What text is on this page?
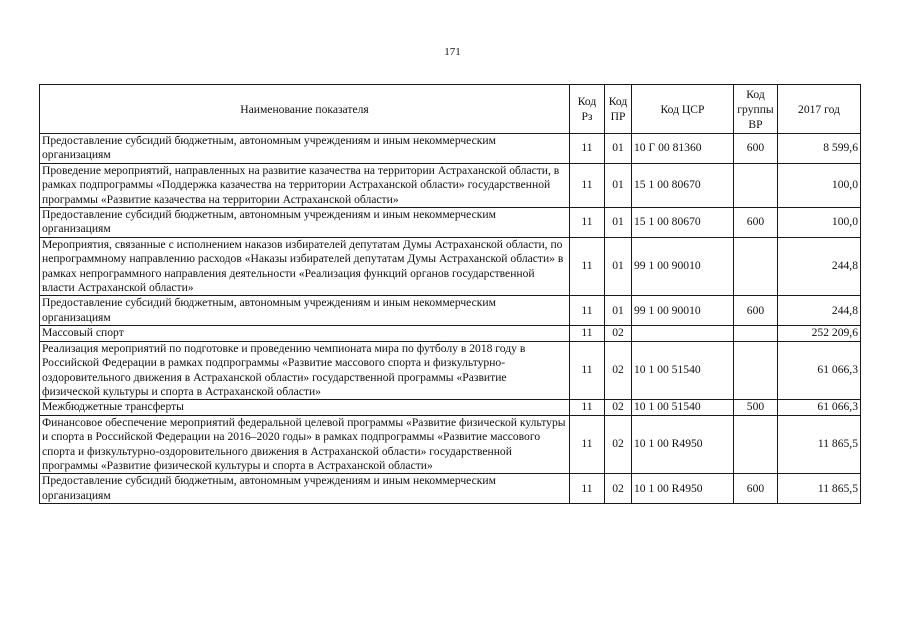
171
Наименование показателя	Код Рз	Код ПР	Код ЦСР	Код группы ВР	2017 год
Предоставление субсидий бюджетным, автономным учреждениям и иным некоммерческим организациям	11	01	10 Г 00 81360	600	8 599,6
Проведение мероприятий, направленных на развитие казачества на территории Астраханской области, в рамках подпрограммы «Поддержка казачества на территории Астраханской области» государственной программы «Развитие казачества на территории Астраханской области»	11	01	15 1 00 80670		100,0
Предоставление субсидий бюджетным, автономным учреждениям и иным некоммерческим организациям	11	01	15 1 00 80670	600	100,0
Мероприятия, связанные с исполнением наказов избирателей депутатам Думы Астраханской области, по непрограммному направлению расходов «Наказы избирателей депутатам Думы Астраханской области» в рамках непрограммного направления деятельности «Реализация функций органов государственной власти Астраханской области»	11	01	99 1 00 90010		244,8
Предоставление субсидий бюджетным, автономным учреждениям и иным некоммерческим организациям	11	01	99 1 00 90010	600	244,8
Массовый спорт	11	02			252 209,6
Реализация мероприятий по подготовке и проведению чемпионата мира по футболу в 2018 году в Российской Федерации в рамках подпрограммы «Развитие массового спорта и физкультурно-оздоровительного движения в Астраханской области» государственной программы «Развитие физической культуры и спорта в Астраханской области»	11	02	10 1 00 51540		61 066,3
Межбюджетные трансферты	11	02	10 1 00 51540	500	61 066,3
Финансовое обеспечение мероприятий федеральной целевой программы «Развитие физической культуры и спорта в Российской Федерации на 2016–2020 годы» в рамках подпрограммы «Развитие массового спорта и физкультурно-оздоровительного движения в Астраханской области» государственной программы «Развитие физической культуры и спорта в Астраханской области»	11	02	10 1 00 R4950		11 865,5
Предоставление субсидий бюджетным, автономным учреждениям и иным некоммерческим организациям	11	02	10 1 00 R4950	600	11 865,5
